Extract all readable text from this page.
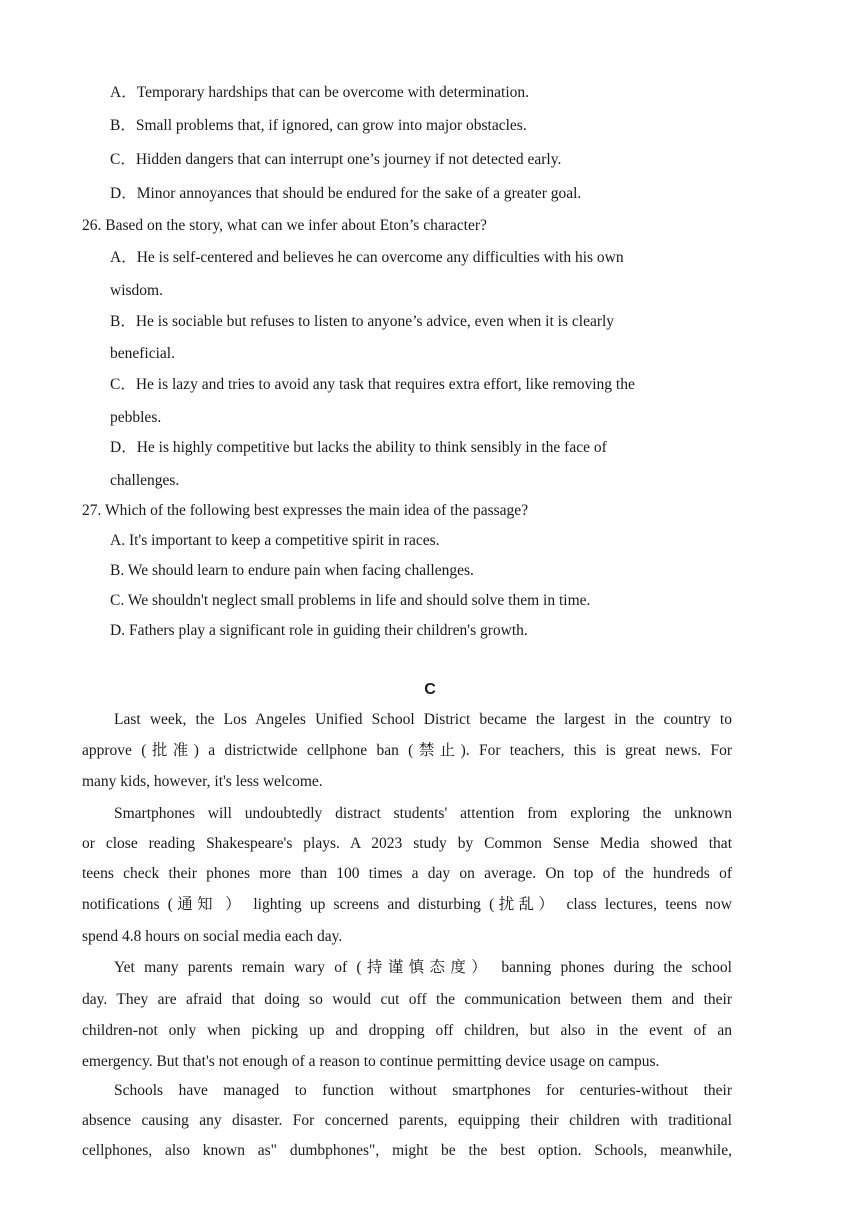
A．Temporary hardships that can be overcome with determination.
B．Small problems that, if ignored, can grow into major obstacles.
C．Hidden dangers that can interrupt one’s journey if not detected early.
D．Minor annoyances that should be endured for the sake of a greater goal.
26. Based on the story, what can we infer about Eton’s character?
A．He is self-centered and believes he can overcome any difficulties with his own
wisdom.
B．He is sociable but refuses to listen to anyone’s advice, even when it is clearly
beneficial.
C．He is lazy and tries to avoid any task that requires extra effort, like removing the
pebbles.
D．He is highly competitive but lacks the ability to think sensibly in the face of
challenges.
27. Which of the following best expresses the main idea of the passage?
A. It's important to keep a competitive spirit in races.
B. We should learn to endure pain when facing challenges.
C. We shouldn't neglect small problems in life and should solve them in time.
D. Fathers play a significant role in guiding their children's growth.
C
Last week, the Los Angeles Unified School District became the largest in the country to
approve (批准) a districtwide cellphone ban (禁止). For teachers, this is great news. For
many kids, however, it's less welcome.
Smartphones will undoubtedly distract students' attention from exploring the unknown
or close reading Shakespeare's plays. A 2023 study by Common Sense Media showed that
teens check their phones more than 100 times a day on average. On top of the hundreds of
notifications (通知 ） lighting up screens and disturbing (扰乱） class lectures, teens now
spend 4.8 hours on social media each day.
Yet many parents remain wary of (持谨慎态度） banning phones during the school
day. They are afraid that doing so would cut off the communication between them and their
children-not only when picking up and dropping off children, but also in the event of an
emergency. But that's not enough of a reason to continue permitting device usage on campus.
Schools have managed to function without smartphones for centuries-without their
absence causing any disaster. For concerned parents, equipping their children with traditional
cellphones, also known as" dumbphones", might be the best option. Schools, meanwhile,
